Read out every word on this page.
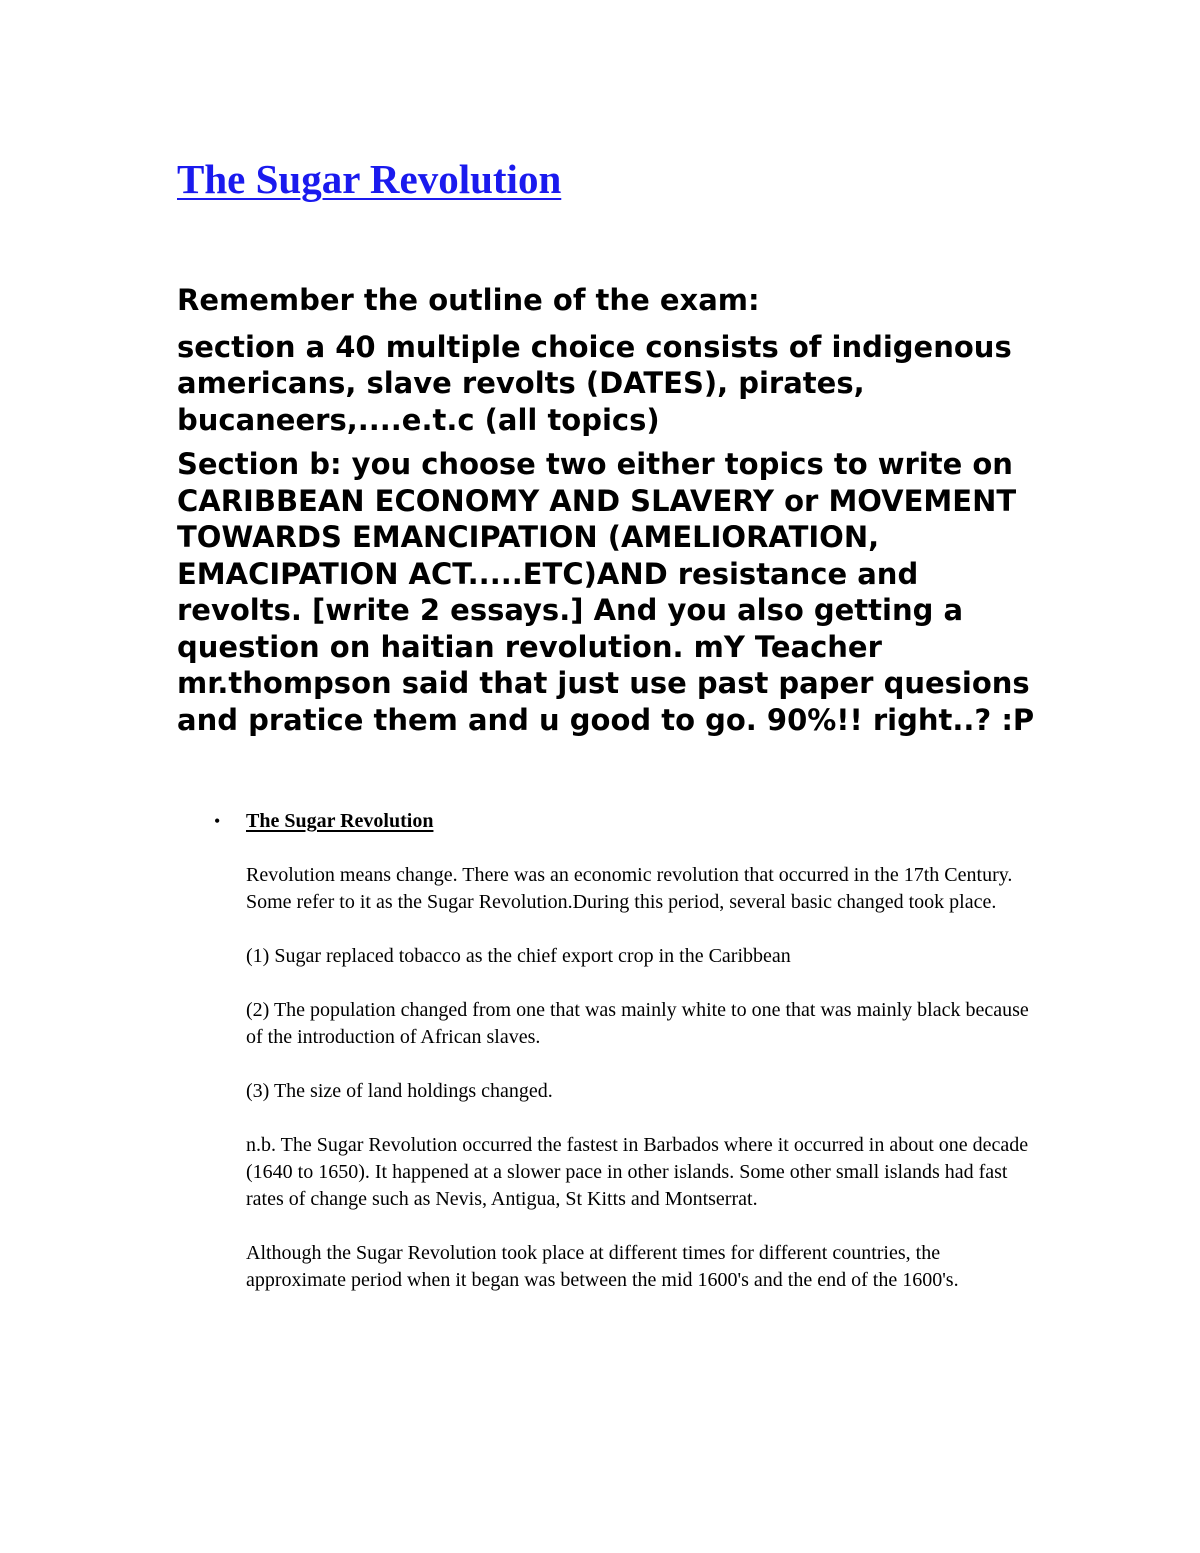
The Sugar Revolution

Remember the outline of the exam:

section a 40 multiple choice consists of indigenous americans, slave revolts (DATES), pirates, bucaneers,....e.t.c (all topics)

Section b: you choose two either topics to write on CARIBBEAN ECONOMY AND SLAVERY or MOVEMENT TOWARDS EMANCIPATION (AMELIORATION, EMACIPATION ACT.....ETC)AND resistance and revolts. [write 2 essays.] And you also getting a question on haitian revolution. mY Teacher mr.thompson said that just use past paper quesions and pratice them and u good to go. 90%!! right..? :P

• The Sugar Revolution

Revolution means change. There was an economic revolution that occurred in the 17th Century. Some refer to it as the Sugar Revolution.During this period, several basic changed took place.

(1) Sugar replaced tobacco as the chief export crop in the Caribbean

(2) The population changed from one that was mainly white to one that was mainly black because of the introduction of African slaves.

(3) The size of land holdings changed.

n.b. The Sugar Revolution occurred the fastest in Barbados where it occurred in about one decade (1640 to 1650). It happened at a slower pace in other islands. Some other small islands had fast rates of change such as Nevis, Antigua, St Kitts and Montserrat.

Although the Sugar Revolution took place at different times for different countries, the approximate period when it began was between the mid 1600's and the end of the 1600's.
